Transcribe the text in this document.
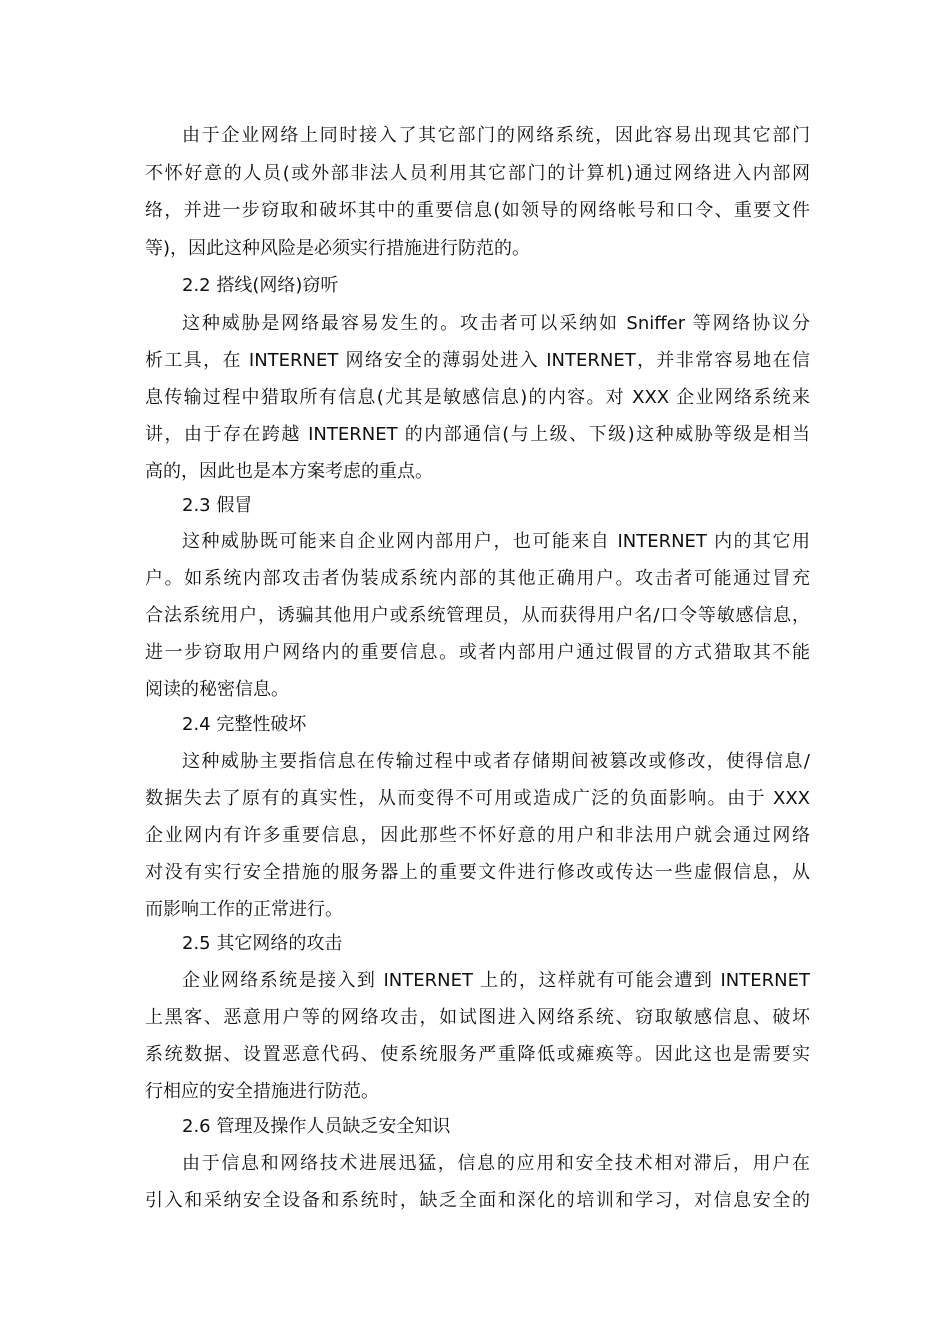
由于企业网络上同时接入了其它部门的网络系统，因此容易出现其它部门
不怀好意的人员(或外部非法人员利用其它部门的计算机)通过网络进入内部网
络，并进一步窃取和破坏其中的重要信息(如领导的网络帐号和口令、重要文件
等)，因此这种风险是必须实行措施进行防范的。
2.2 搭线(网络)窃听
这种威胁是网络最容易发生的。攻击者可以采纳如 Sniffer 等网络协议分
析工具，在 INTERNET 网络安全的薄弱处进入 INTERNET，并非常容易地在信
息传输过程中猎取所有信息(尤其是敏感信息)的内容。对 XXX 企业网络系统来
讲，由于存在跨越 INTERNET 的内部通信(与上级、下级)这种威胁等级是相当
高的，因此也是本方案考虑的重点。
2.3 假冒
这种威胁既可能来自企业网内部用户，也可能来自 INTERNET 内的其它用
户。如系统内部攻击者伪装成系统内部的其他正确用户。攻击者可能通过冒充
合法系统用户，诱骗其他用户或系统管理员，从而获得用户名/口令等敏感信息，
进一步窃取用户网络内的重要信息。或者内部用户通过假冒的方式猎取其不能
阅读的秘密信息。
2.4 完整性破坏
这种威胁主要指信息在传输过程中或者存储期间被篡改或修改，使得信息/
数据失去了原有的真实性，从而变得不可用或造成广泛的负面影响。由于 XXX
企业网内有许多重要信息，因此那些不怀好意的用户和非法用户就会通过网络
对没有实行安全措施的服务器上的重要文件进行修改或传达一些虚假信息，从
而影响工作的正常进行。
2.5 其它网络的攻击
企业网络系统是接入到 INTERNET 上的，这样就有可能会遭到 INTERNET
上黑客、恶意用户等的网络攻击，如试图进入网络系统、窃取敏感信息、破坏
系统数据、设置恶意代码、使系统服务严重降低或瘫痪等。因此这也是需要实
行相应的安全措施进行防范。
2.6 管理及操作人员缺乏安全知识
由于信息和网络技术进展迅猛，信息的应用和安全技术相对滞后，用户在
引入和采纳安全设备和系统时，缺乏全面和深化的培训和学习，对信息安全的
